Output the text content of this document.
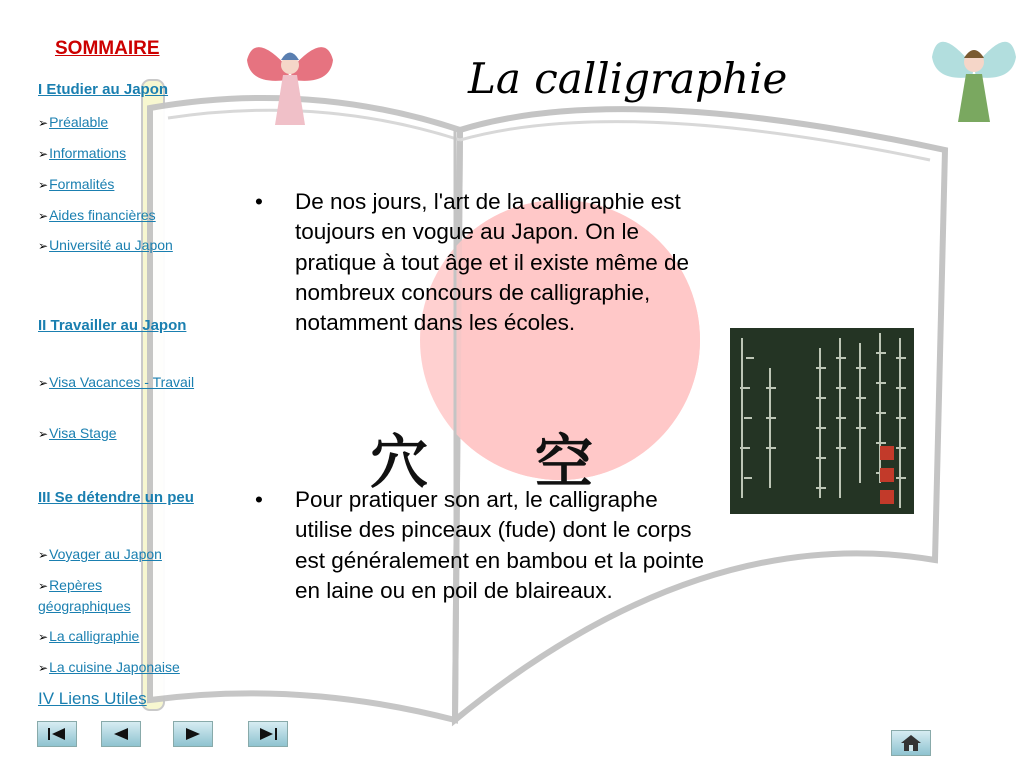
SOMMAIRE
I Etudier au Japon
➢Préalable
➢Informations
➢Formalités
➢Aides financières
➢Université au Japon
II Travailler au Japon
➢Visa Vacances - Travail
➢Visa Stage
III Se détendre un peu
➢Voyager au Japon
➢Repères géographiques
➢La calligraphie
➢La cuisine Japonaise
IV Liens Utiles
La calligraphie
•	De nos jours, l'art de la calligraphie est toujours en vogue au Japon. On le pratique à tout âge et il existe même de nombreux concours de calligraphie, notamment dans les écoles.
•	Pour pratiquer son art, le calligraphe utilise des pinceaux (fude) dont le corps est généralement en bambou et la pointe en laine ou en poil de blaireaux.
穴 空
